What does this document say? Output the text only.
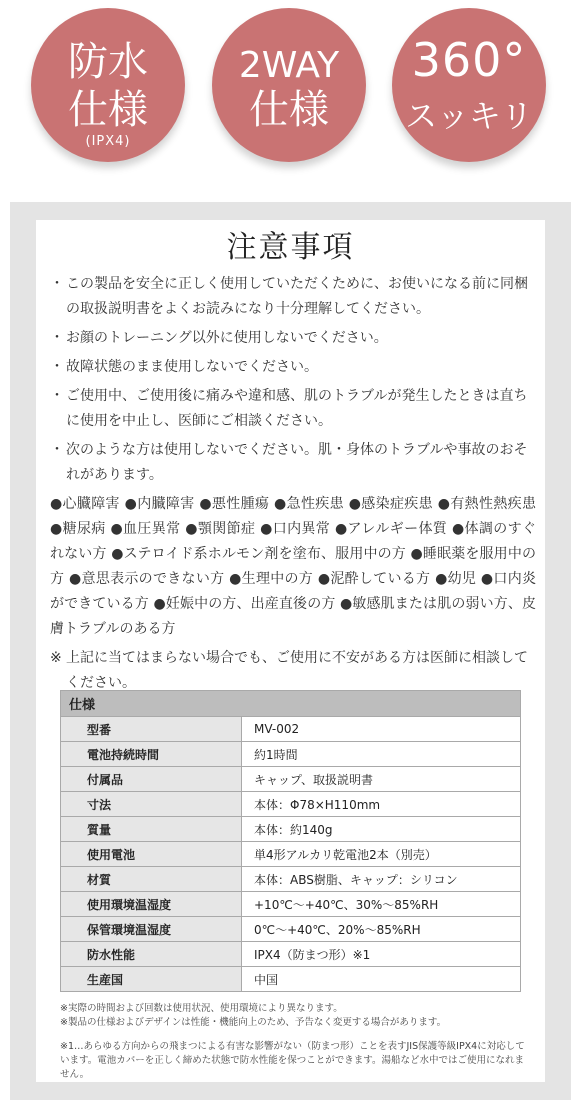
防水
仕様
(IPX4)
2WAY
仕様
360°
スッキリ
注意事項
・ この製品を安全に正しく使用していただくために、お使いになる前に同梱の取扱説明書をよくお読みになり十分理解してください。
・ お顔のトレーニング以外に使用しないでください。
・ 故障状態のまま使用しないでください。
・ ご使用中、ご使用後に痛みや違和感、肌のトラブルが発生したときは直ちに使用を中止し、医師にご相談ください。
・ 次のような方は使用しないでください。肌・身体のトラブルや事故のおそれがあります。
●心臓障害 ●内臓障害 ●悪性腫瘍 ●急性疾患 ●感染症疾患 ●有熱性熱疾患 ●糖尿病 ●血圧異常 ●顎関節症 ●口内異常 ●アレルギー体質 ●体調のすぐれない方 ●ステロイド系ホルモン剤を塗布、服用中の方 ●睡眠薬を服用中の方 ●意思表示のできない方 ●生理中の方 ●泥酔している方 ●幼児 ●口内炎ができている方 ●妊娠中の方、出産直後の方 ●敏感肌または肌の弱い方、皮膚トラブルのある方
※ 上記に当てはまらない場合でも、ご使用に不安がある方は医師に相談してください。
仕様	
型番	MV-002
電池持続時間	約1時間
付属品	キャップ、取扱説明書
寸法	本体：Φ78×H110mm
質量	本体：約140g
使用電池	単4形アルカリ乾電池2本（別売）
材質	本体：ABS樹脂、キャップ：シリコン
使用環境温湿度	+10℃～+40℃、30%～85%RH
保管環境温湿度	0℃～+40℃、20%～85%RH
防水性能	IPX4（防まつ形）※1
生産国	中国
※実際の時間および回数は使用状況、使用環境により異なります。
※製品の仕様およびデザインは性能・機能向上のため、予告なく変更する場合があります。
※1…あらゆる方向からの飛まつによる有害な影響がない（防まつ形）ことを表すJIS保護等級IPX4に対応しています。電池カバーを正しく締めた状態で防水性能を保つことができます。湯船など水中ではご使用になれません。
